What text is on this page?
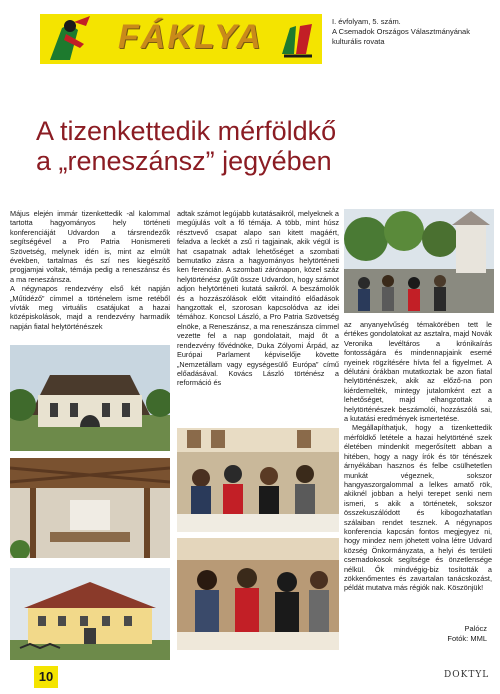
FÁKLYA	I. évfolyam, 5. szám.
A Csemadok Országos Választmányának
kulturális rovata
A tizenkettedik mérföldkő
a „reneszánsz” jegyében

Május elején immár tizenkettedik -al kalommal tartotta hagyományos hely történeti konferenciáját Udvardon a társrendezők segítségével a Pro Patria Honismereti Szövetség, melynek idén is, mint az elmúlt években, tartalmas és szí nes kiegészítő progjamjai voltak, témája pedig a reneszánsz és a ma reneszánsza.

A négynapos rendezvény első két napján „Műtidéző” címmel a történelem isme retéből vívták meg virtuális csatájukat a hazai középiskolások, majd a rendezvény harmadik napján fiatal helytörténészek

adtak számot legújabb kutatásaikról, melyeknek a megújulás volt a fő témája. A több, mint húsz résztvevő csapat alapo san kitett magáért, feladva a leckét a zsű ri tagjainak, akik végül is hat csapatnak adtak lehetőséget a szombati bemutatko zásra a hagyományos helytörténeti ken ferencián. A szombati zárónapon, közel száz helytörténész gyűlt össze Udvardon, hogy számot adjon helytörténeti kutatá saikról. A beszámolók és a hozzászólások előtt vitaindító előadások hangzottak el, szorosan kapcsolódva az idei témához. Koncsol László, a Pro Patria Szövetség elnöke, a Reneszánsz, a ma reneszánsza címmel vezette fel a nap gondolatait, majd őt a rendezvény fővédnöke, Duka Zólyomi Árpád, az Európai Parlament képviselője követte „Nemzetállam vagy egységesülő Európa” című előadásával. Kovács László történész a reformáció és

az anyanyelvűség témakörében tett le értékes gondolatokat az asztalra, majd Novák Veronika levéltáros a krónikaírás fontosságára és mindennapjaink esemé nyeinek rögzítésére hívta fel a figyelmet. A délutáni órákban mutatkoztak be azon fiatal helytörténészek, akik az előző-na pon kiérdemelték, mintegy jutalomként ezt a lehetőséget, majd elhangzottak a helytörténészek beszámolói, hozzászólá sai, a kutatási eredmények ismertetése.

Megállapíthatjuk, hogy a tizenkettedik mérföldkő letétele a hazai helytörténé szek életében mindenkit megerősített abban a hitében, hogy a nagy írók és tör ténészek árnyékában hasznos és felbe csülhetetlen munkát végeznek, sokszor hangyaszorgalommal a lelkes amatő rök, akiknél jobban a helyi terepet senki nem ismeri, s akik a történetek, sokszor összekuszálódott és kibogozhatatlan szálaiban rendet tesznek. A négynapos konferencia kapcsán fontos megjegyez ni, hogy mindez nem jöhetett volna létre Udvard község Önkormányzata, a helyi és területi csemadokosok segítsége és önzetlensége nélkül. Ők mindvégig-biz tosították a zökkenőmentes és zavartalan tanácskozást, példát mutatva más régiók nak. Köszönjük!

Palócz
Fotók: MML
10	DOKTYL
